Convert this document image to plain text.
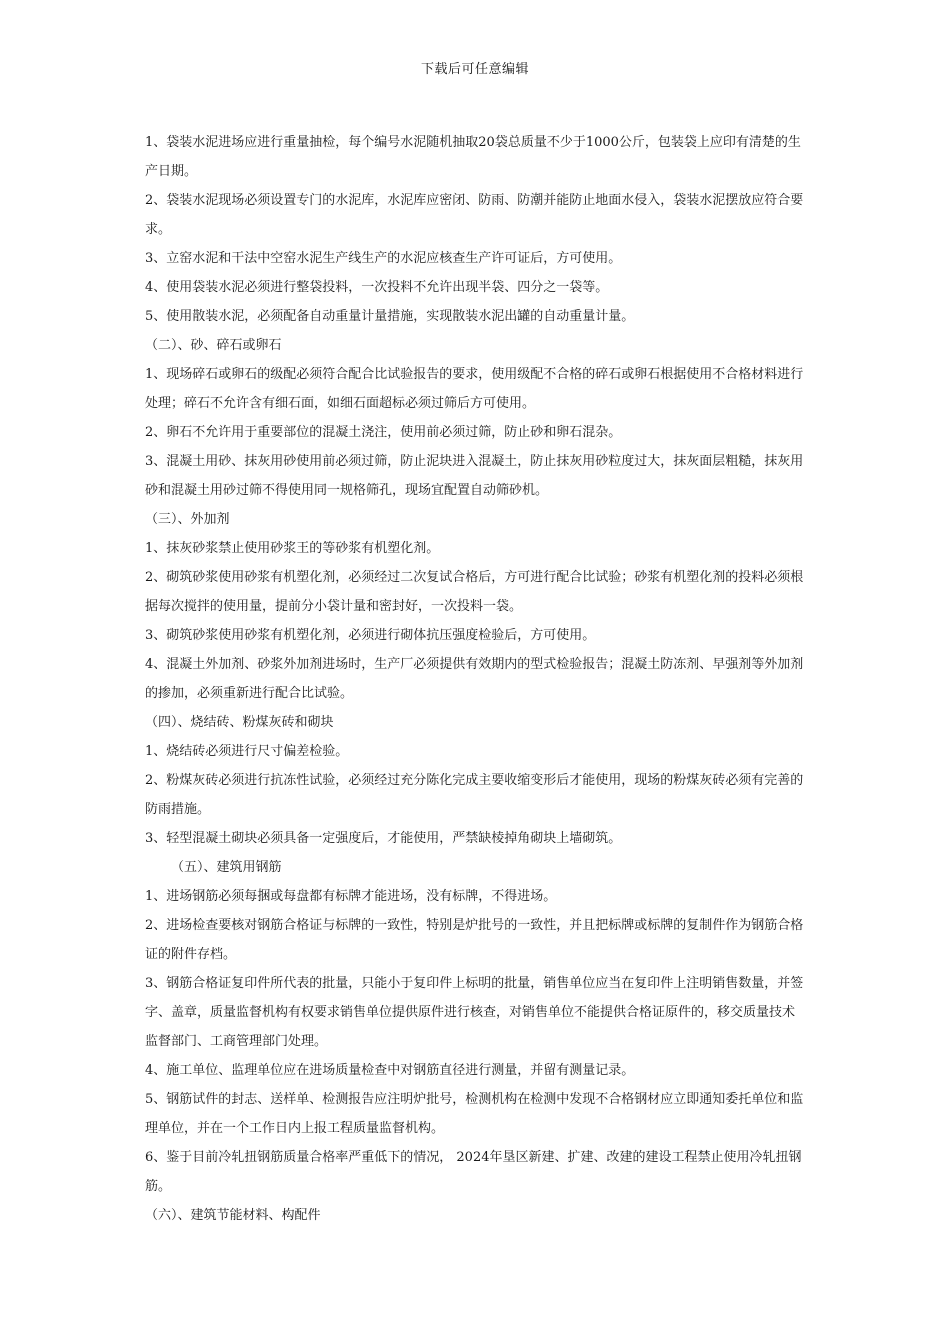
下载后可任意编辑
1、袋装水泥进场应进行重量抽检，每个编号水泥随机抽取20袋总质量不少于1000公斤，包装袋上应印有清楚的生产日期。
2、袋装水泥现场必须设置专门的水泥库，水泥库应密闭、防雨、防潮并能防止地面水侵入，袋装水泥摆放应符合要求。
3、立窑水泥和干法中空窑水泥生产线生产的水泥应核查生产许可证后，方可使用。
4、使用袋装水泥必须进行整袋投料，一次投料不允许出现半袋、四分之一袋等。
5、使用散装水泥，必须配备自动重量计量措施，实现散装水泥出罐的自动重量计量。
（二）、砂、碎石或卵石
1、现场碎石或卵石的级配必须符合配合比试验报告的要求，使用级配不合格的碎石或卵石根据使用不合格材料进行处理；碎石不允许含有细石面，如细石面超标必须过筛后方可使用。
2、卵石不允许用于重要部位的混凝土浇注，使用前必须过筛，防止砂和卵石混杂。
3、混凝土用砂、抹灰用砂使用前必须过筛，防止泥块进入混凝土，防止抹灰用砂粒度过大，抹灰面层粗糙，抹灰用砂和混凝土用砂过筛不得使用同一规格筛孔，现场宜配置自动筛砂机。
（三）、外加剂
1、抹灰砂浆禁止使用砂浆王的等砂浆有机塑化剂。
2、砌筑砂浆使用砂浆有机塑化剂，必须经过二次复试合格后，方可进行配合比试验；砂浆有机塑化剂的投料必须根据每次搅拌的使用量，提前分小袋计量和密封好，一次投料一袋。
3、砌筑砂浆使用砂浆有机塑化剂，必须进行砌体抗压强度检验后，方可使用。
4、混凝土外加剂、砂浆外加剂进场时，生产厂必须提供有效期内的型式检验报告；混凝土防冻剂、早强剂等外加剂的掺加，必须重新进行配合比试验。
（四）、烧结砖、粉煤灰砖和砌块
1、烧结砖必须进行尺寸偏差检验。
2、粉煤灰砖必须进行抗冻性试验，必须经过充分陈化完成主要收缩变形后才能使用，现场的粉煤灰砖必须有完善的防雨措施。
3、轻型混凝土砌块必须具备一定强度后，才能使用，严禁缺棱掉角砌块上墙砌筑。
（五）、建筑用钢筋
1、进场钢筋必须每捆或每盘都有标牌才能进场，没有标牌，不得进场。
2、进场检查要核对钢筋合格证与标牌的一致性，特别是炉批号的一致性，并且把标牌或标牌的复制件作为钢筋合格证的附件存档。
3、钢筋合格证复印件所代表的批量，只能小于复印件上标明的批量，销售单位应当在复印件上注明销售数量，并签字、盖章，质量监督机构有权要求销售单位提供原件进行核查，对销售单位不能提供合格证原件的，移交质量技术监督部门、工商管理部门处理。
4、施工单位、监理单位应在进场质量检查中对钢筋直径进行测量，并留有测量记录。
5、钢筋试件的封志、送样单、检测报告应注明炉批号，检测机构在检测中发现不合格钢材应立即通知委托单位和监理单位，并在一个工作日内上报工程质量监督机构。
6、鉴于目前冷轧扭钢筋质量合格率严重低下的情况， 2024年垦区新建、扩建、改建的建设工程禁止使用冷轧扭钢筋。
（六）、建筑节能材料、构配件
